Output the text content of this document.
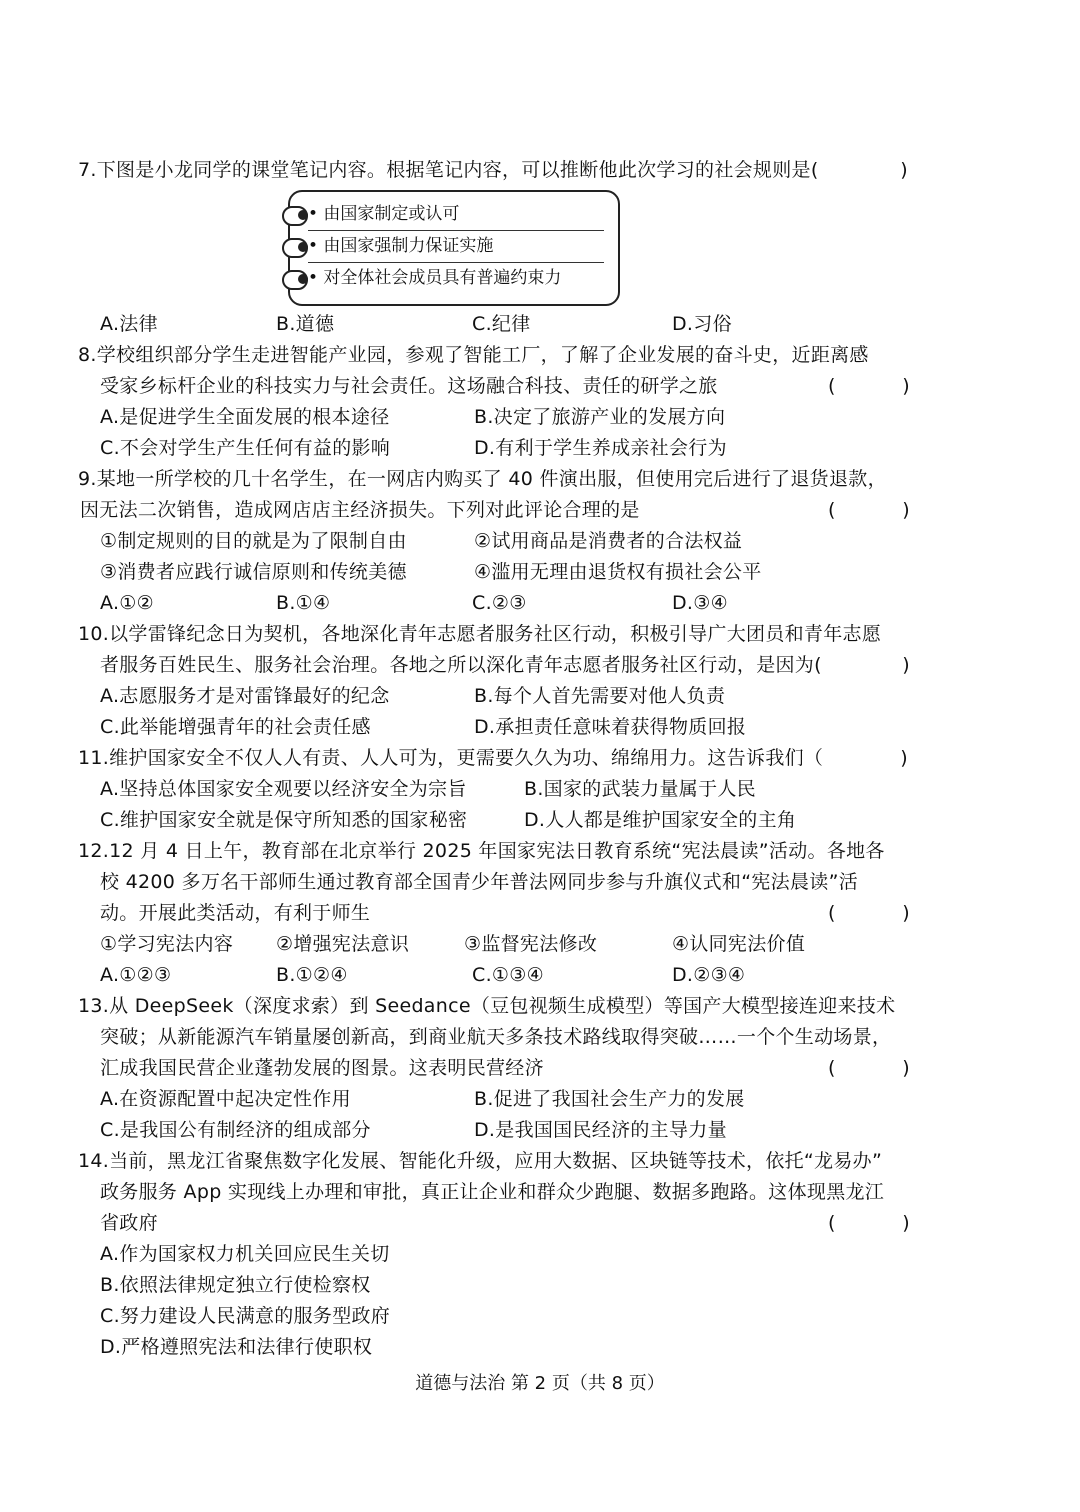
7.下图是小龙同学的课堂笔记内容。根据笔记内容，可以推断他此次学习的社会规则是(	)
• 由国家制定或认可
• 由国家强制力保证实施
• 对全体社会成员具有普遍约束力
A.法律	B.道德	C.纪律	D.习俗
8.学校组织部分学生走进智能产业园，参观了智能工厂，了解了企业发展的奋斗史，近距离感
受家乡标杆企业的科技实力与社会责任。这场融合科技、责任的研学之旅	(	)
A.是促进学生全面发展的根本途径	B.决定了旅游产业的发展方向
C.不会对学生产生任何有益的影响	D.有利于学生养成亲社会行为
9.某地一所学校的几十名学生，在一网店内购买了 40 件演出服，但使用完后进行了退货退款，
因无法二次销售，造成网店店主经济损失。下列对此评论合理的是	(	)
①制定规则的目的就是为了限制自由	②试用商品是消费者的合法权益
③消费者应践行诚信原则和传统美德	④滥用无理由退货权有损社会公平
A.①②	B.①④	C.②③	D.③④
10.以学雷锋纪念日为契机，各地深化青年志愿者服务社区行动，积极引导广大团员和青年志愿
者服务百姓民生、服务社会治理。各地之所以深化青年志愿者服务社区行动，是因为(	)
A.志愿服务才是对雷锋最好的纪念	B.每个人首先需要对他人负责
C.此举能增强青年的社会责任感	D.承担责任意味着获得物质回报
11.维护国家安全不仅人人有责、人人可为，更需要久久为功、绵绵用力。这告诉我们（	)
A.坚持总体国家安全观要以经济安全为宗旨	B.国家的武装力量属于人民
C.维护国家安全就是保守所知悉的国家秘密	D.人人都是维护国家安全的主角
12.12 月 4 日上午，教育部在北京举行 2025 年国家宪法日教育系统“宪法晨读”活动。各地各
校 4200 多万名干部师生通过教育部全国青少年普法网同步参与升旗仪式和“宪法晨读”活
动。开展此类活动，有利于师生	(	)
①学习宪法内容 ②增强宪法意识	③监督宪法修改	④认同宪法价值
A.①②③	B.①②④	C.①③④	D.②③④
13.从 DeepSeek（深度求索）到 Seedance（豆包视频生成模型）等国产大模型接连迎来技术
突破；从新能源汽车销量屡创新高，到商业航天多条技术路线取得突破……一个个生动场景，
汇成我国民营企业蓬勃发展的图景。这表明民营经济	(	)
A.在资源配置中起决定性作用	B.促进了我国社会生产力的发展
C.是我国公有制经济的组成部分	D.是我国国民经济的主导力量
14.当前，黑龙江省聚焦数字化发展、智能化升级，应用大数据、区块链等技术，依托“龙易办”
政务服务 App 实现线上办理和审批，真正让企业和群众少跑腿、数据多跑路。这体现黑龙江
省政府	(	)
A.作为国家权力机关回应民生关切
B.依照法律规定独立行使检察权
C.努力建设人民满意的服务型政府
D.严格遵照宪法和法律行使职权
道德与法治 第 2 页（共 8 页）
